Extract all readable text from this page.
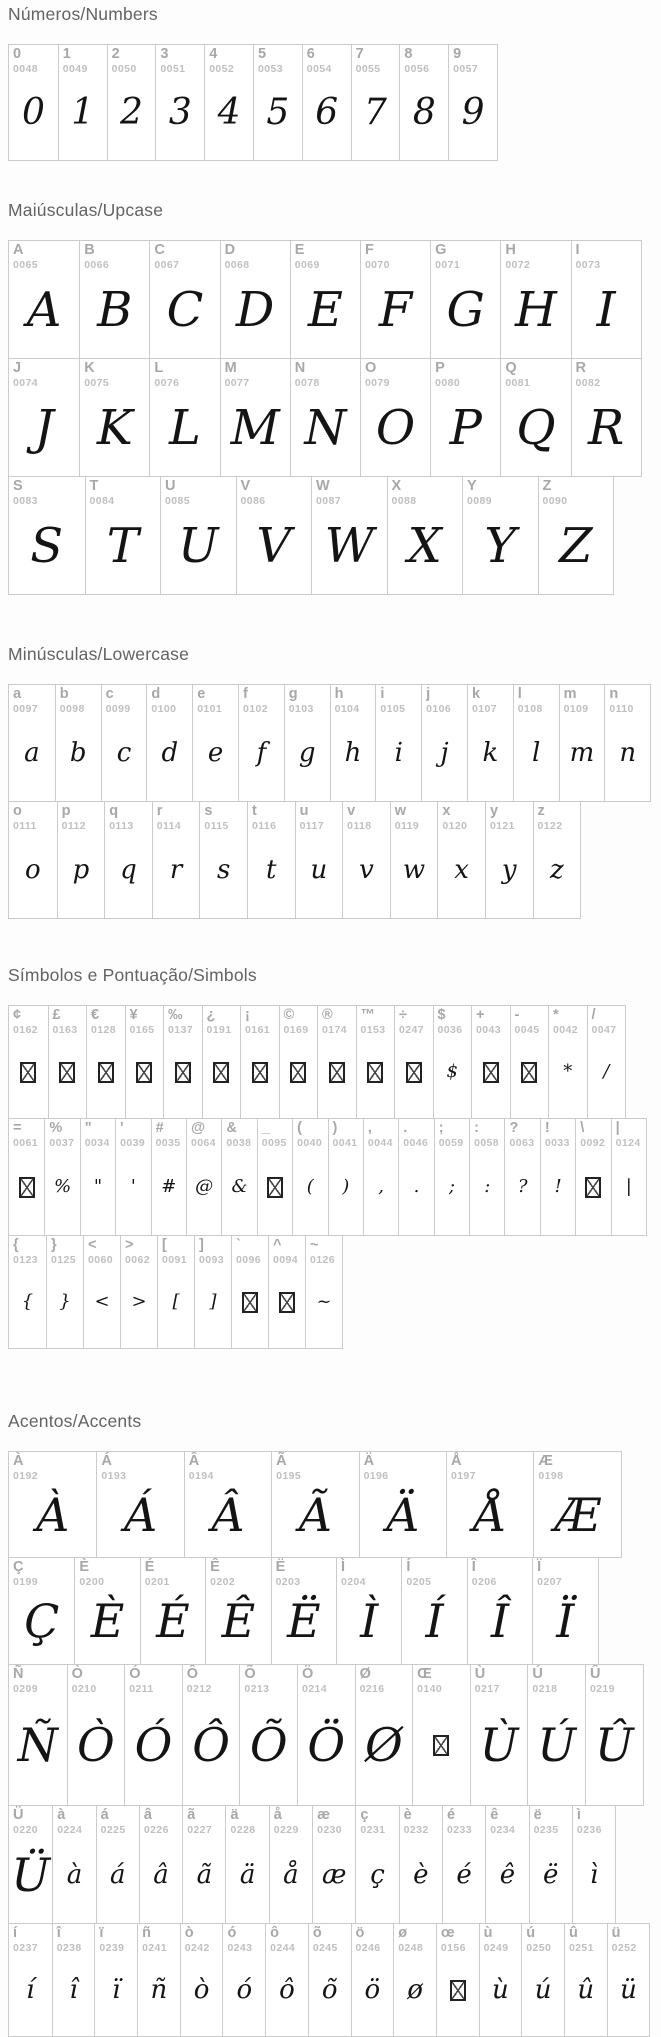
Números/Numbers
0
0048
0
1
0049
1
2
0050
2
3
0051
3
4
0052
4
5
0053
5
6
0054
6
7
0055
7
8
0056
8
9
0057
9
Maiúsculas/Upcase
A
0065
A
B
0066
B
C
0067
C
D
0068
D
E
0069
E
F
0070
F
G
0071
G
H
0072
H
I
0073
I
J
0074
J
K
0075
K
L
0076
L
M
0077
M
N
0078
N
O
0079
O
P
0080
P
Q
0081
Q
R
0082
R
S
0083
S
T
0084
T
U
0085
U
V
0086
V
W
0087
W
X
0088
X
Y
0089
Y
Z
0090
Z
Minúsculas/Lowercase
a
0097
a
b
0098
b
c
0099
c
d
0100
d
e
0101
e
f
0102
f
g
0103
g
h
0104
h
i
0105
i
j
0106
j
k
0107
k
l
0108
l
m
0109
m
n
0110
n
o
0111
o
p
0112
p
q
0113
q
r
0114
r
s
0115
s
t
0116
t
u
0117
u
v
0118
v
w
0119
w
x
0120
x
y
0121
y
z
0122
z
Símbolos e Pontuação/Simbols
¢
0162
£
0163
€
0128
¥
0165
‰
0137
¿
0191
¡
0161
©
0169
®
0174
™
0153
÷
0247
$
0036
$
+
0043
-
0045
*
0042
*
/
0047
/
=
0061
%
0037
%
"
0034
"
'
0039
'
#
0035
#
@
0064
@
&
0038
&
_
0095
(
0040
(
)
0041
)
,
0044
,
.
0046
.
;
0059
;
:
0058
:
?
0063
?
!
0033
!
\
0092
|
0124
|
{
0123
{
}
0125
}
<
0060
<
>
0062
>
[
0091
[
]
0093
]
`
0096
^
0094
~
0126
~
Acentos/Accents
À
0192
À
Á
0193
Á
Â
0194
Â
Ã
0195
Ã
Ä
0196
Ä
Å
0197
Å
Æ
0198
Æ
Ç
0199
Ç
È
0200
È
É
0201
É
Ê
0202
Ê
Ë
0203
Ë
Ì
0204
Ì
Í
0205
Í
Î
0206
Î
Ï
0207
Ï
Ñ
0209
Ñ
Ò
0210
Ò
Ó
0211
Ó
Ô
0212
Ô
Õ
0213
Õ
Ö
0214
Ö
Ø
0216
Ø
Œ
0140
Ù
0217
Ù
Ú
0218
Ú
Û
0219
Û
Ü
0220
Ü
à
0224
à
á
0225
á
â
0226
â
ã
0227
ã
ä
0228
ä
å
0229
å
æ
0230
æ
ç
0231
ç
è
0232
è
é
0233
é
ê
0234
ê
ë
0235
ë
ì
0236
ì
í
0237
í
î
0238
î
ï
0239
ï
ñ
0241
ñ
ò
0242
ò
ó
0243
ó
ô
0244
ô
õ
0245
õ
ö
0246
ö
ø
0248
ø
œ
0156
ù
0249
ù
ú
0250
ú
û
0251
û
ü
0252
ü
